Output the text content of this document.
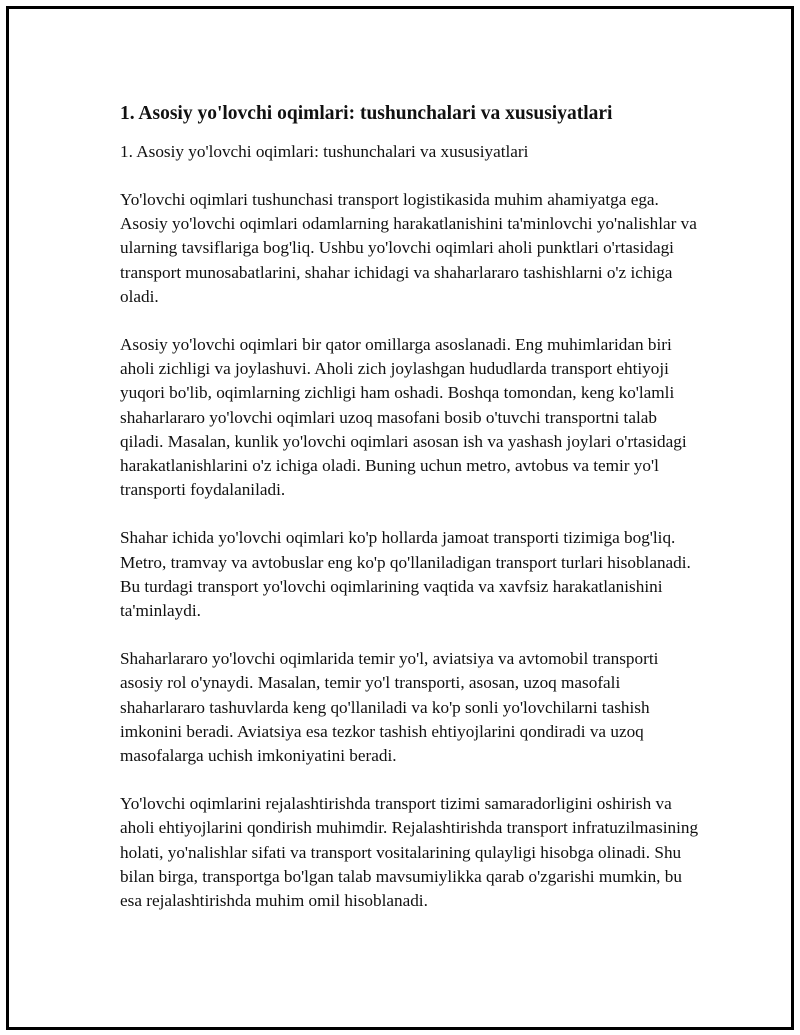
1. Asosiy yo'lovchi oqimlari: tushunchalari va xususiyatlari
1. Asosiy yo'lovchi oqimlari: tushunchalari va xususiyatlari

Yo'lovchi oqimlari tushunchasi transport logistikasida muhim ahamiyatga ega. Asosiy yo'lovchi oqimlari odamlarning harakatlanishini ta'minlovchi yo'nalishlar va ularning tavsiflariga bog'liq. Ushbu yo'lovchi oqimlari aholi punktlari o'rtasidagi transport munosabatlarini, shahar ichidagi va shaharlararo tashishlarni o'z ichiga oladi.

Asosiy yo'lovchi oqimlari bir qator omillarga asoslanadi. Eng muhimlaridan biri aholi zichligi va joylashuvi. Aholi zich joylashgan hududlarda transport ehtiyoji yuqori bo'lib, oqimlarning zichligi ham oshadi. Boshqa tomondan, keng ko'lamli shaharlararo yo'lovchi oqimlari uzoq masofani bosib o'tuvchi transportni talab qiladi. Masalan, kunlik yo'lovchi oqimlari asosan ish va yashash joylari o'rtasidagi harakatlanishlarini o'z ichiga oladi. Buning uchun metro, avtobus va temir yo'l transporti foydalaniladi.

Shahar ichida yo'lovchi oqimlari ko'p hollarda jamoat transporti tizimiga bog'liq. Metro, tramvay va avtobuslar eng ko'p qo'llaniladigan transport turlari hisoblanadi. Bu turdagi transport yo'lovchi oqimlarining vaqtida va xavfsiz harakatlanishini ta'minlaydi.

Shaharlararo yo'lovchi oqimlarida temir yo'l, aviatsiya va avtomobil transporti asosiy rol o'ynaydi. Masalan, temir yo'l transporti, asosan, uzoq masofali shaharlararo tashuvlarda keng qo'llaniladi va ko'p sonli yo'lovchilarni tashish imkonini beradi. Aviatsiya esa tezkor tashish ehtiyojlarini qondiradi va uzoq masofalarga uchish imkoniyatini beradi.

Yo'lovchi oqimlarini rejalashtirishda transport tizimi samaradorligini oshirish va aholi ehtiyojlarini qondirish muhimdir. Rejalashtirishda transport infratuzilmasining holati, yo'nalishlar sifati va transport vositalarining qulayligi hisobga olinadi. Shu bilan birga, transportga bo'lgan talab mavsumiylikka qarab o'zgarishi mumkin, bu esa rejalashtirishda muhim omil hisoblanadi.
